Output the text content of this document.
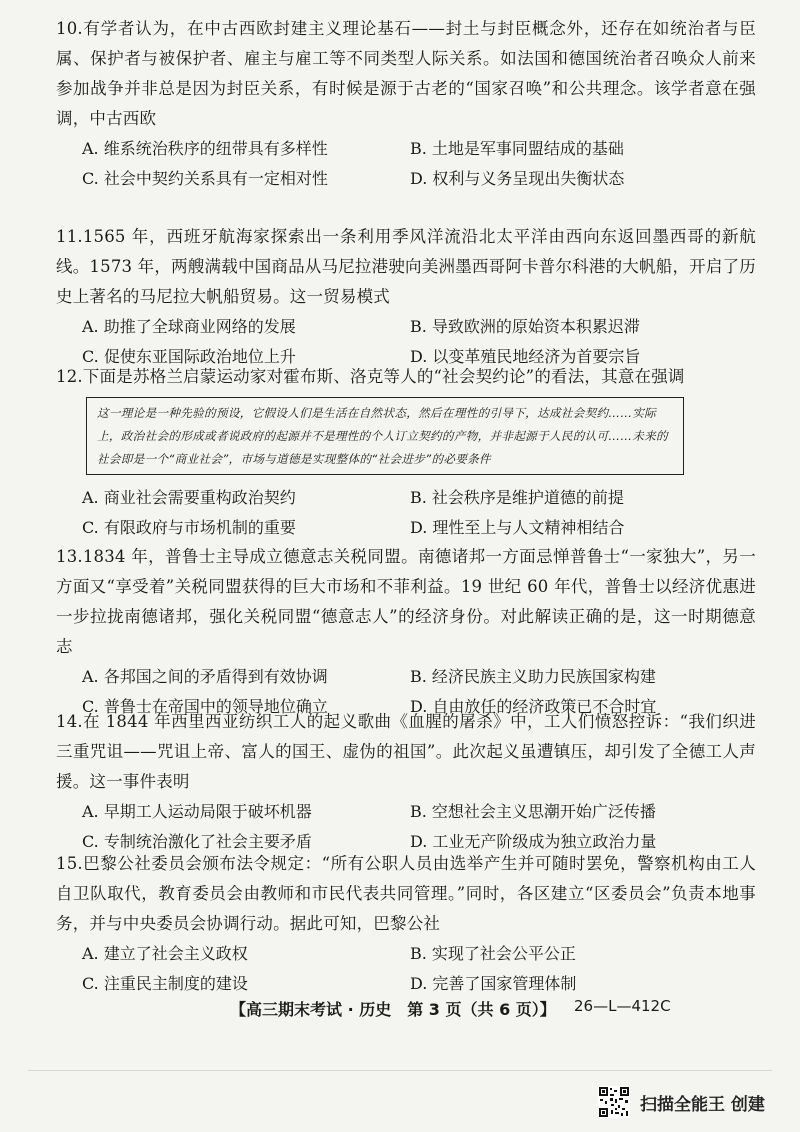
10.有学者认为，在中古西欧封建主义理论基石——封土与封臣概念外，还存在如统治者与臣属、保护者与被保护者、雇主与雇工等不同类型人际关系。如法国和德国统治者召唤众人前来参加战争并非总是因为封臣关系，有时候是源于古老的“国家召唤”和公共理念。该学者意在强调，中古西欧

A. 维系统治秩序的纽带具有多样性	B. 土地是军事同盟结成的基础
C. 社会中契约关系具有一定相对性	D. 权利与义务呈现出失衡状态

11.1565 年，西班牙航海家探索出一条利用季风洋流沿北太平洋由西向东返回墨西哥的新航线。1573 年，两艘满载中国商品从马尼拉港驶向美洲墨西哥阿卡普尔科港的大帆船，开启了历史上著名的马尼拉大帆船贸易。这一贸易模式

A. 助推了全球商业网络的发展	B. 导致欧洲的原始资本积累迟滞
C. 促使东亚国际政治地位上升	D. 以变革殖民地经济为首要宗旨

12.下面是苏格兰启蒙运动家对霍布斯、洛克等人的“社会契约论”的看法，其意在强调

这一理论是一种先验的预设，它假设人们是生活在自然状态，然后在理性的引导下，达成社会契约……实际上，政治社会的形成或者说政府的起源并不是理性的个人订立契约的产物，并非起源于人民的认可……未来的社会即是一个“商业社会”，市场与道德是实现整体的“社会进步”的必要条件
A. 商业社会需要重构政治契约	B. 社会秩序是维护道德的前提
C. 有限政府与市场机制的重要	D. 理性至上与人文精神相结合

13.1834 年，普鲁士主导成立德意志关税同盟。南德诸邦一方面忌惮普鲁士“一家独大”，另一方面又“享受着”关税同盟获得的巨大市场和不菲利益。19 世纪 60 年代，普鲁士以经济优惠进一步拉拢南德诸邦，强化关税同盟“德意志人”的经济身份。对此解读正确的是，这一时期德意志

A. 各邦国之间的矛盾得到有效协调	B. 经济民族主义助力民族国家构建
C. 普鲁士在帝国中的领导地位确立	D. 自由放任的经济政策已不合时宜

14.在 1844 年西里西亚纺织工人的起义歌曲《血腥的屠杀》中，工人们愤怒控诉：“我们织进三重咒诅——咒诅上帝、富人的国王、虚伪的祖国”。此次起义虽遭镇压，却引发了全德工人声援。这一事件表明

A. 早期工人运动局限于破坏机器	B. 空想社会主义思潮开始广泛传播
C. 专制统治激化了社会主要矛盾	D. 工业无产阶级成为独立政治力量

15.巴黎公社委员会颁布法令规定：“所有公职人员由选举产生并可随时罢免，警察机构由工人自卫队取代，教育委员会由教师和市民代表共同管理。”同时，各区建立“区委员会”负责本地事务，并与中央委员会协调行动。据此可知，巴黎公社

A. 建立了社会主义政权	B. 实现了社会公平公正
C. 注重民主制度的建设	D. 完善了国家管理体制
【高三期末考试 · 历史　第 3 页（共 6 页）】 26—L—412C
扫描全能王 创建
